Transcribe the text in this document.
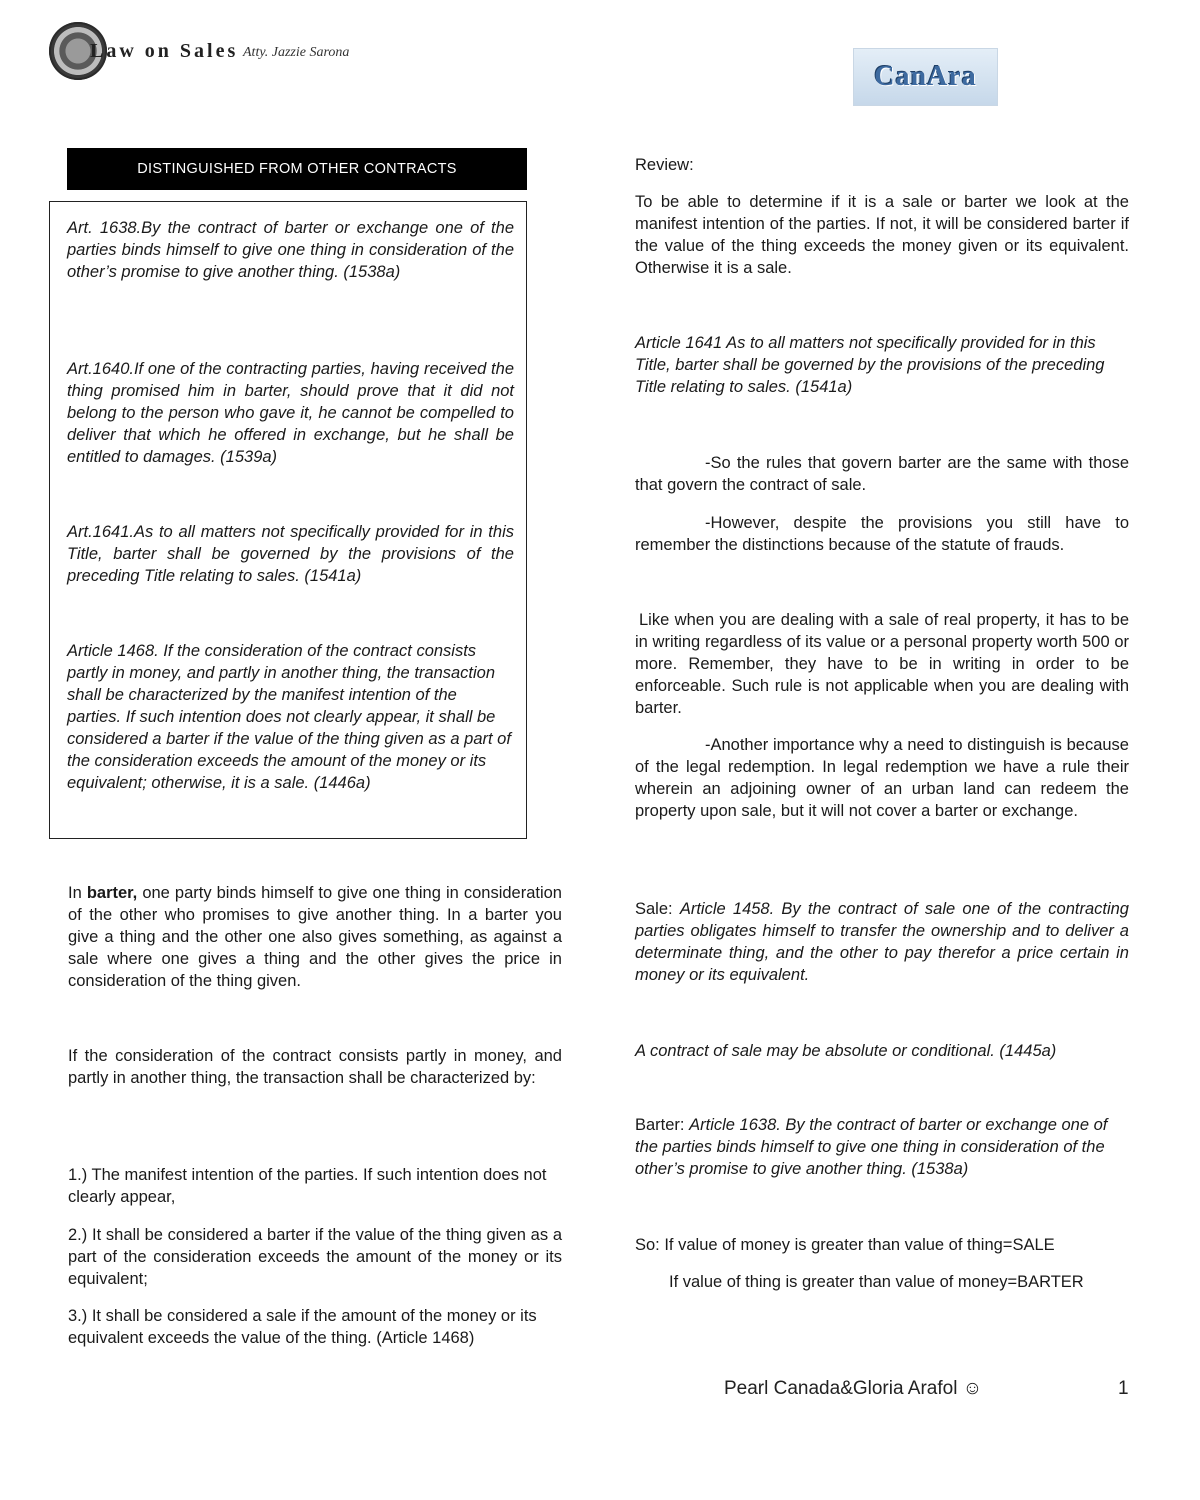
Law on Sales Atty. Jazzie Sarona
CanAra
DISTINGUISHED FROM OTHER CONTRACTS
Art. 1638.By the contract of barter or exchange one of the parties binds himself to give one thing in consideration of the other’s promise to give another thing. (1538a)
Art.1640.If one of the contracting parties, having received the thing promised him in barter, should prove that it did not belong to the person who gave it, he cannot be compelled to deliver that which he offered in exchange, but he shall be entitled to damages. (1539a)
Art.1641.As to all matters not specifically provided for in this Title, barter shall be governed by the provisions of the preceding Title relating to sales. (1541a)
Article 1468. If the consideration of the contract consists partly in money, and partly in another thing, the transaction shall be characterized by the manifest intention of the parties. If such intention does not clearly appear, it shall be considered a barter if the value of the thing given as a part of the consideration exceeds the amount of the money or its equivalent; otherwise, it is a sale. (1446a)
In barter, one party binds himself to give one thing in consideration of the other who promises to give another thing. In a barter you give a thing and the other one also gives something, as against a sale where one gives a thing and the other gives the price in consideration of the thing given.
If the consideration of the contract consists partly in money, and partly in another thing, the transaction shall be characterized by:
1.) The manifest intention of the parties. If such intention does not clearly appear,
2.) It shall be considered a barter if the value of the thing given as a part of the consideration exceeds the amount of the money or its equivalent;
3.) It shall be considered a sale if the amount of the money or its equivalent exceeds the value of the thing. (Article 1468)
Review:
To be able to determine if it is a sale or barter we look at the manifest intention of the parties. If not, it will be considered barter if the value of the thing exceeds the money given or its equivalent. Otherwise it is a sale.
Article 1641 As to all matters not specifically provided for in this Title, barter shall be governed by the provisions of the preceding Title relating to sales. (1541a)
-So the rules that govern barter are the same with those that govern the contract of sale.
-However, despite the provisions you still have to remember the distinctions because of the statute of frauds.
Like when you are dealing with a sale of real property, it has to be in writing regardless of its value or a personal property worth 500 or more. Remember, they have to be in writing in order to be enforceable. Such rule is not applicable when you are dealing with barter.
-Another importance why a need to distinguish is because of the legal redemption. In legal redemption we have a rule their wherein an adjoining owner of an urban land can redeem the property upon sale, but it will not cover a barter or exchange.
Sale: Article 1458. By the contract of sale one of the contracting parties obligates himself to transfer the ownership and to deliver a determinate thing, and the other to pay therefor a price certain in money or its equivalent.
A contract of sale may be absolute or conditional. (1445a)
Barter: Article 1638. By the contract of barter or exchange one of the parties binds himself to give one thing in consideration of the other’s promise to give another thing. (1538a)
So: If value of money is greater than value of thing=SALE
If value of thing is greater than value of money=BARTER
Pearl Canada&Gloria Arafol ☺	1
